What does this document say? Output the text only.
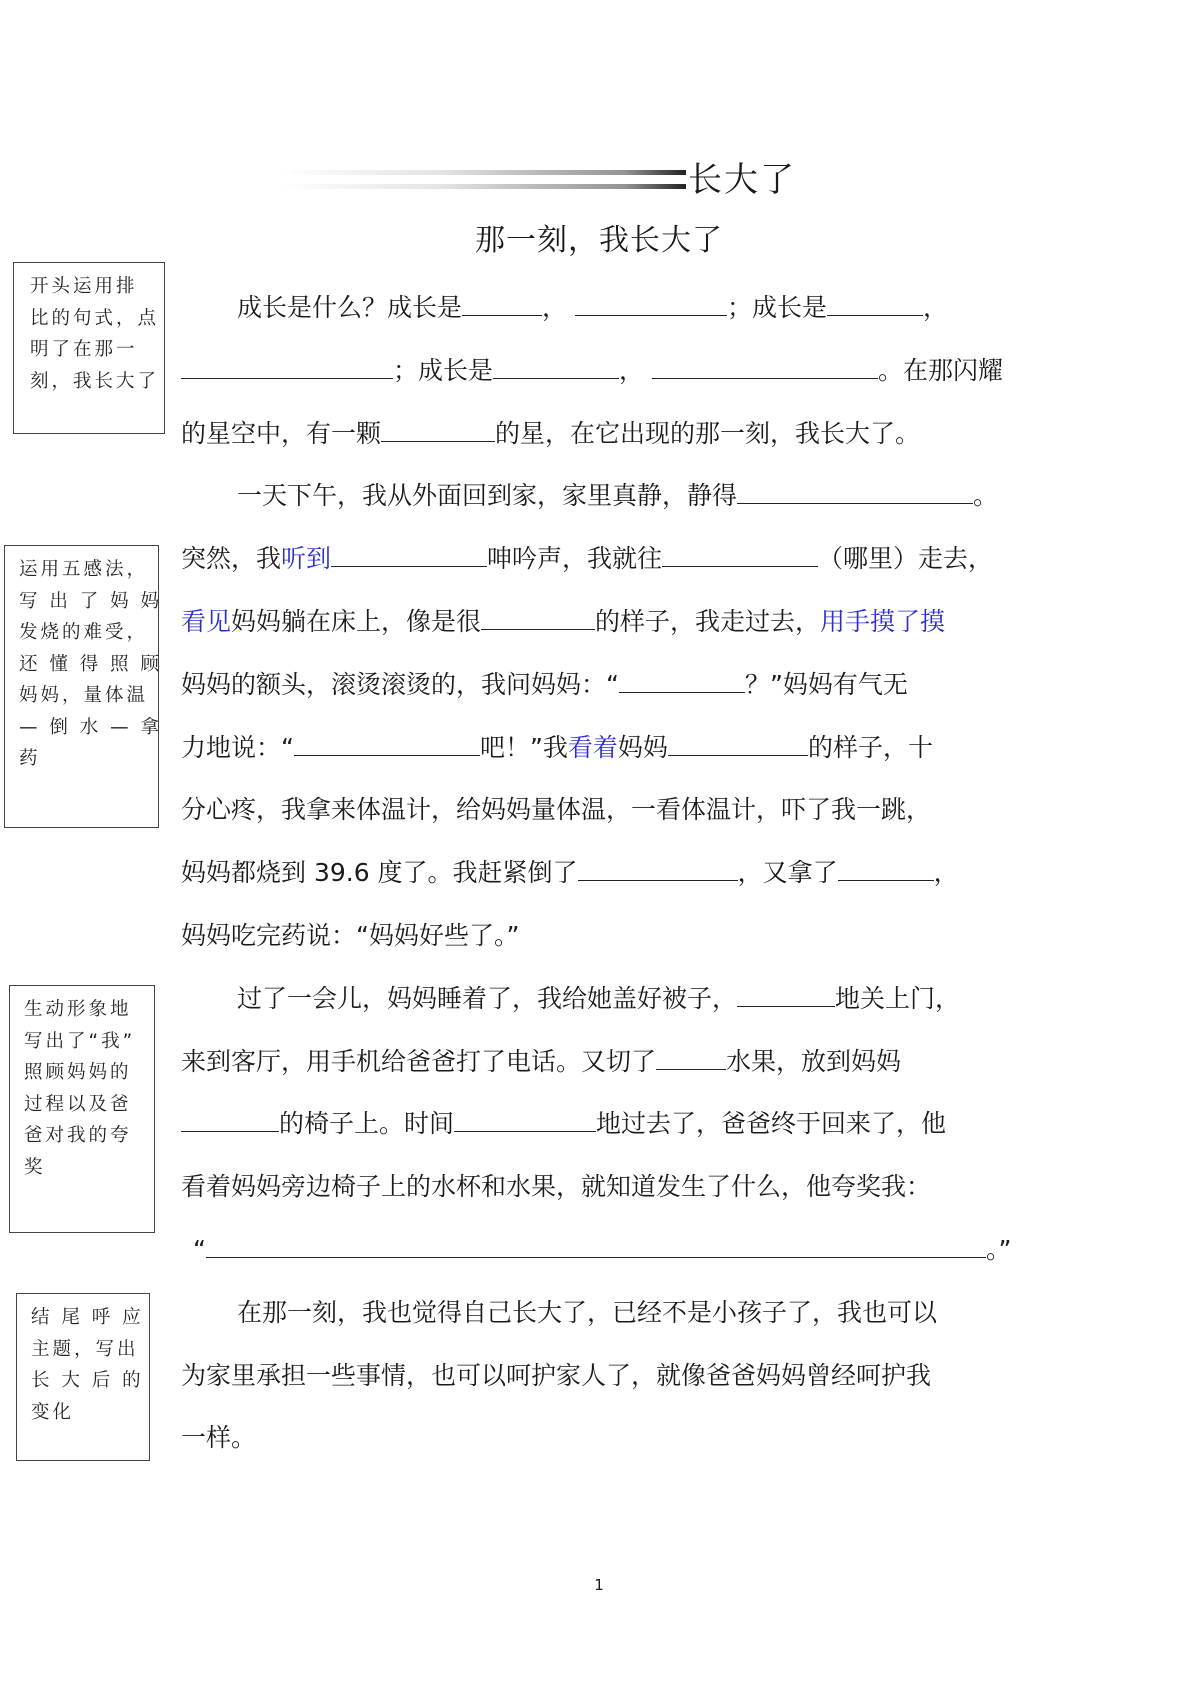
长大了
那一刻，我长大了
开头运用排
比的句式，点
明了在那一
刻，我长大了
运用五感法，
写 出 了 妈 妈
发烧的难受，
还 懂 得 照 顾
妈妈，量体温
— 倒 水 — 拿
药
生动形象地
写出了“我”
照顾妈妈的
过程以及爸
爸对我的夸
奖
结 尾 呼 应
主题，写出
长 大 后 的
变化
成长是什么？成长是	，	；成长是	，
；成长是	，	。在那闪耀
的星空中，有一颗	的星，在它出现的那一刻，我长大了。
一天下午，我从外面回到家，家里真静，静得	。
突然，我听到	呻吟声，我就往	（哪里）走去，
看见妈妈躺在床上，像是很	的样子，我走过去，用手摸了摸
妈妈的额头，滚烫滚烫的，我问妈妈：“	？”妈妈有气无
力地说：“	吧！”我看着妈妈	的样子，十
分心疼，我拿来体温计，给妈妈量体温，一看体温计，吓了我一跳，
妈妈都烧到 39.6 度了。我赶紧倒了	，又拿了	，
妈妈吃完药说：“妈妈好些了。”
过了一会儿，妈妈睡着了，我给她盖好被子，	地关上门，
来到客厅，用手机给爸爸打了电话。又切了	水果，放到妈妈
的椅子上。时间	地过去了，爸爸终于回来了，他
看着妈妈旁边椅子上的水杯和水果，就知道发生了什么，他夸奖我：
“	。”
在那一刻，我也觉得自己长大了，已经不是小孩子了，我也可以
为家里承担一些事情，也可以呵护家人了，就像爸爸妈妈曾经呵护我
一样。
1
